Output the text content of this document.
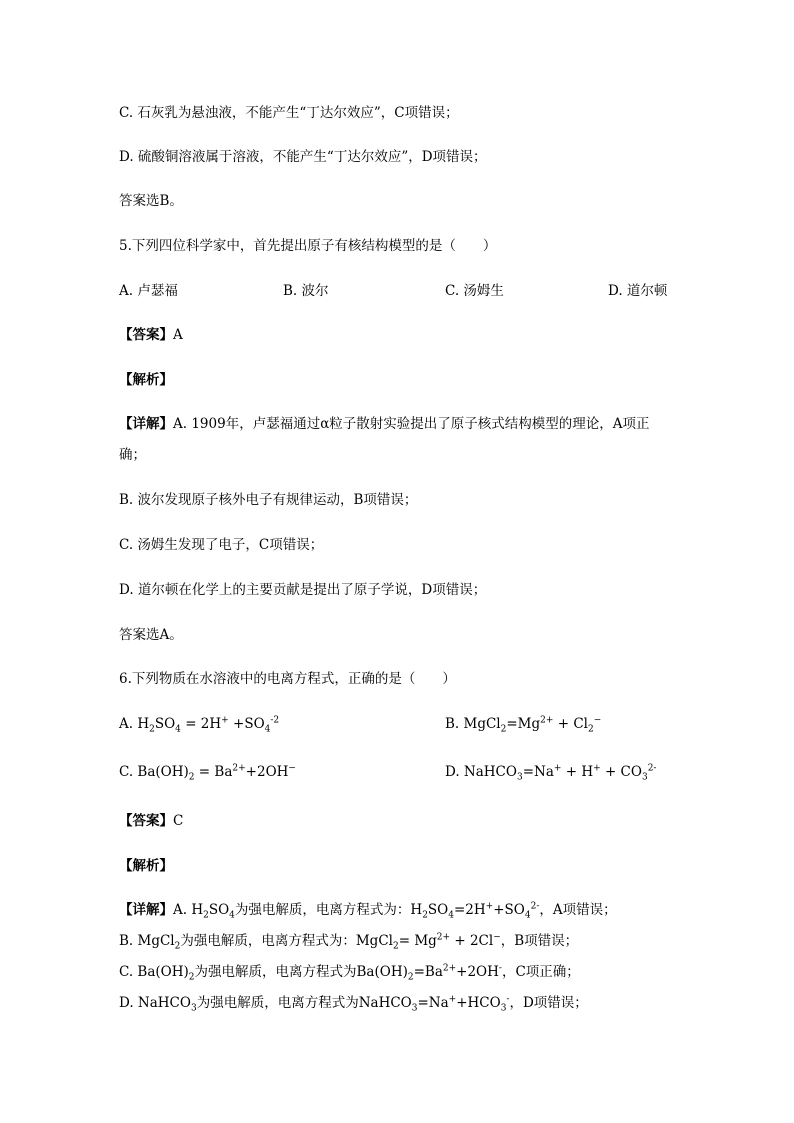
C. 石灰乳为悬浊液，不能产生“丁达尔效应”，C项错误；
D. 硫酸铜溶液属于溶液，不能产生“丁达尔效应”，D项错误；
答案选B。
5.下列四位科学家中，首先提出原子有核结构模型的是（　　）
A. 卢瑟福	B. 波尔	C. 汤姆生	D. 道尔顿
【答案】A
【解析】
【详解】A. 1909年，卢瑟福通过α粒子散射实验提出了原子核式结构模型的理论，A项正
确；
B. 波尔发现原子核外电子有规律运动，B项错误；
C. 汤姆生发现了电子，C项错误；
D. 道尔顿在化学上的主要贡献是提出了原子学说，D项错误；
答案选A。
6.下列物质在水溶液中的电离方程式，正确的是（　　）
A. $H_2SO_4 = 2H^+ +SO_4^{-2}$	B. $MgCl_2=Mg^{2+} + Cl_2^-$
C. $Ba(OH)_2 = Ba^{2+}+2OH^-$	D. NaHCO$_3$=Na+ + $H^+ + CO_3^{2-}$
【答案】C
【解析】
【详解】A. $H_2SO_4$为强电解质，电离方程式为：$H_2SO_4=2H^++SO_4^{2-}$，A项错误；
B. MgCl$_2$为强电解质，电离方程式为：MgCl$_2$= $Mg^{2+} + 2Cl^-$，B项错误；
C. $Ba(OH)_2$为强电解质，电离方程式为$Ba(OH)_2=Ba^{2+}+2OH^-$，C项正确；
D. NaHCO$_3$为强电解质，电离方程式为$NaHCO_3=Na^++HCO_3^-$，D项错误；
